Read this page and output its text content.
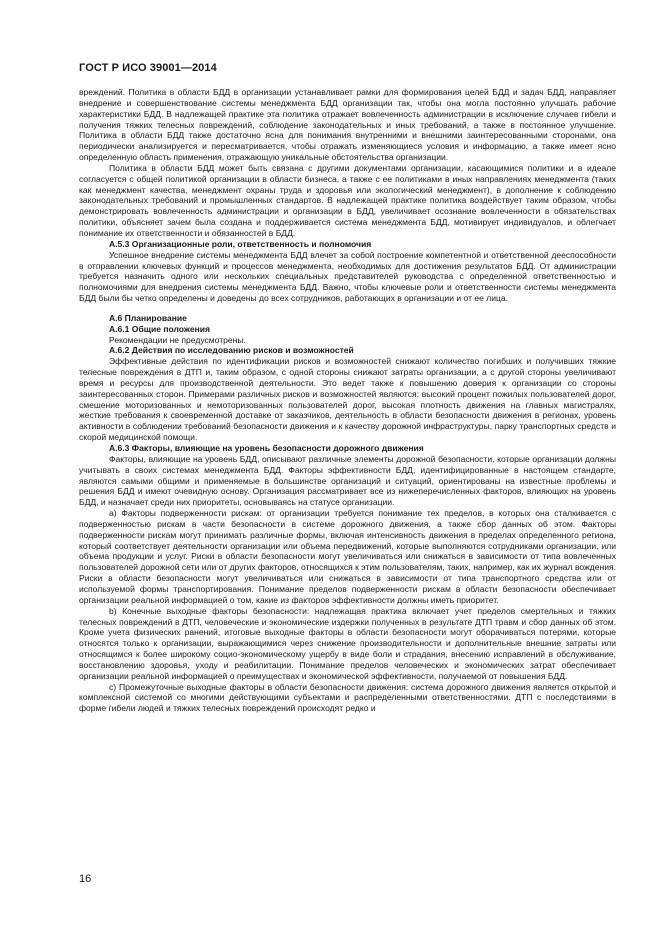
ГОСТ Р ИСО 39001—2014

вреждений. Политика в области БДД в организации устанавливает рамки для формирования целей БДД и задач БДД, направляет внедрение и совершенствование системы менеджмента БДД организации так, чтобы она могла постоянно улучшать рабочие характеристики БДД. В надлежащей практике эта политика отражает вовлеченность администрации в исключение случаев гибели и получения тяжких телесных повреждений, соблюдение законодательных и иных требований, а также в постоянное улучшение. Политика в области БДД также достаточно ясна для понимания внутренними и внешними заинтересованными сторонами, она периодически анализируется и пересматривается, чтобы отражать изменяющиеся условия и информацию, а также имеет ясно определенную область применения, отражающую уникальные обстоятельства организации.

Политика в области БДД может быть связана с другими документами организации, касающимися политики и в идеале согласуется с общей политикой организации в области бизнеса, а также с ее политиками в иных направлениях менеджмента (таких как менеджмент качества, менеджмент охраны труда и здоровья или экологический менеджмент), в дополнение к соблюдению законодательных требований и промышленных стандартов. В надлежащей практике политика воздействует таким образом, чтобы демонстрировать вовлеченность администрации и организации в БДД, увеличивает осознание вовлеченности в обязательствах политики, объясняет зачем была создана и поддерживается система менеджмента БДД, мотивирует индивидуалов, и облегчает понимание их ответственности и обязанностей в БДД.

А.5.3 Организационные роли, ответственность и полномочия

Успешное внедрение системы менеджмента БДД влечет за собой построение компетентной и ответственной дееспособности в отправлении ключевых функций и процессов менеджмента, необходимых для достижения результатов БДД. От администрации требуется назначить одного или нескольких специальных представителей руководства с определенной ответственностью и полномочиями для внедрения системы менеджмента БДД. Важно, чтобы ключевые роли и ответственности системы менеджмента БДД были бы четко определены и доведены до всех сотрудников, работающих в организации и от ее лица.

А.6 Планирование

А.6.1 Общие положения

Рекомендации не предусмотрены.

А.6.2 Действия по исследованию рисков и возможностей

Эффективные действия по идентификации рисков и возможностей снижают количество погибших и получивших тяжкие телесные повреждения в ДТП и, таким образом, с одной стороны снижают затраты организации, а с другой стороны увеличивают время и ресурсы для производственной деятельности. Это ведет также к повышению доверия к организации со стороны заинтересованных сторон. Примерами различных рисков и возможностей являются: высокий процент пожилых пользователей дорог, смешение моторизованных и немоторизованных пользователей дорог, высокая плотность движения на главных магистралях, жесткие требования к своевременной доставке от заказчиков, деятельность в области безопасности движения в регионах, уровень активности в соблюдении требований безопасности движения и к качеству дорожной инфраструктуры, парку транспортных средств и скорой медицинской помощи.

А.6.3 Факторы, влияющие на уровень безопасности дорожного движения

Факторы, влияющие на уровень БДД, описывают различные элементы дорожной безопасности, которые организации должны учитывать в своих системах менеджмента БДД. Факторы эффективности БДД, идентифицированные в настоящем стандарте, являются самыми общими и применяемые в большинстве организаций и ситуаций, ориентированы на известные проблемы и решения БДД и имеют очевидную основу. Организация рассматривает все из нижеперечисленных факторов, влияющих на уровень БДД, и назначает среди них приоритеты, основываясь на статусе организации.

а) Факторы подверженности рискам: от организации требуется понимание тех пределов, в которых она сталкивается с подверженностью рискам в части безопасности в системе дорожного движения, а также сбор данных об этом. Факторы подверженности рискам могут принимать различные формы, включая интенсивность движения в пределах определенного региона, который соответствует деятельности организации или объема передвижений, которые выполняются сотрудниками организации, или объема продукции и услуг. Риски в области безопасности могут увеличиваться или снижаться в зависимости от типа вовлеченных пользователей дорожной сети или от других факторов, относящихся к этим пользователям, таких, например, как их журнал вождения. Риски в области безопасности могут увеличиваться или снижаться в зависимости от типа транспортного средства или от используемой формы транспортирования. Понимание пределов подверженности рискам в области безопасности обеспечивает организации реальной информацией о том, какие из факторов эффективности должны иметь приоритет.

b) Конечные выходные факторы безопасности: надлежащая практика включает учет пределов смертельных и тяжких телесных повреждений в ДТП, человеческие и экономические издержки полученных в результате ДТП травм и сбор данных об этом. Кроме учета физических ранений, итоговые выходные факторы в области безопасности могут оборачиваться потерями, которые относятся только к организации, выражающимися через снижение производительности и дополнительные внешние затраты или относящимся к более широкому социо-экономическому ущербу в виде боли и страдания, внесению исправлений в обслуживание, восстановлению здоровья, уходу и реабилитации. Понимание пределов человеческих и экономических затрат обеспечивает организации реальной информацией о преимуществах и экономической эффективности, получаемой от повышения БДД.

с) Промежуточные выходные факторы в области безопасности движения: система дорожного движения является открытой и комплексной системой со многими действующими субъектами и распределенными ответственностями. ДТП с последствиями в форме гибели людей и тяжких телесных повреждений происходят редко и

16
